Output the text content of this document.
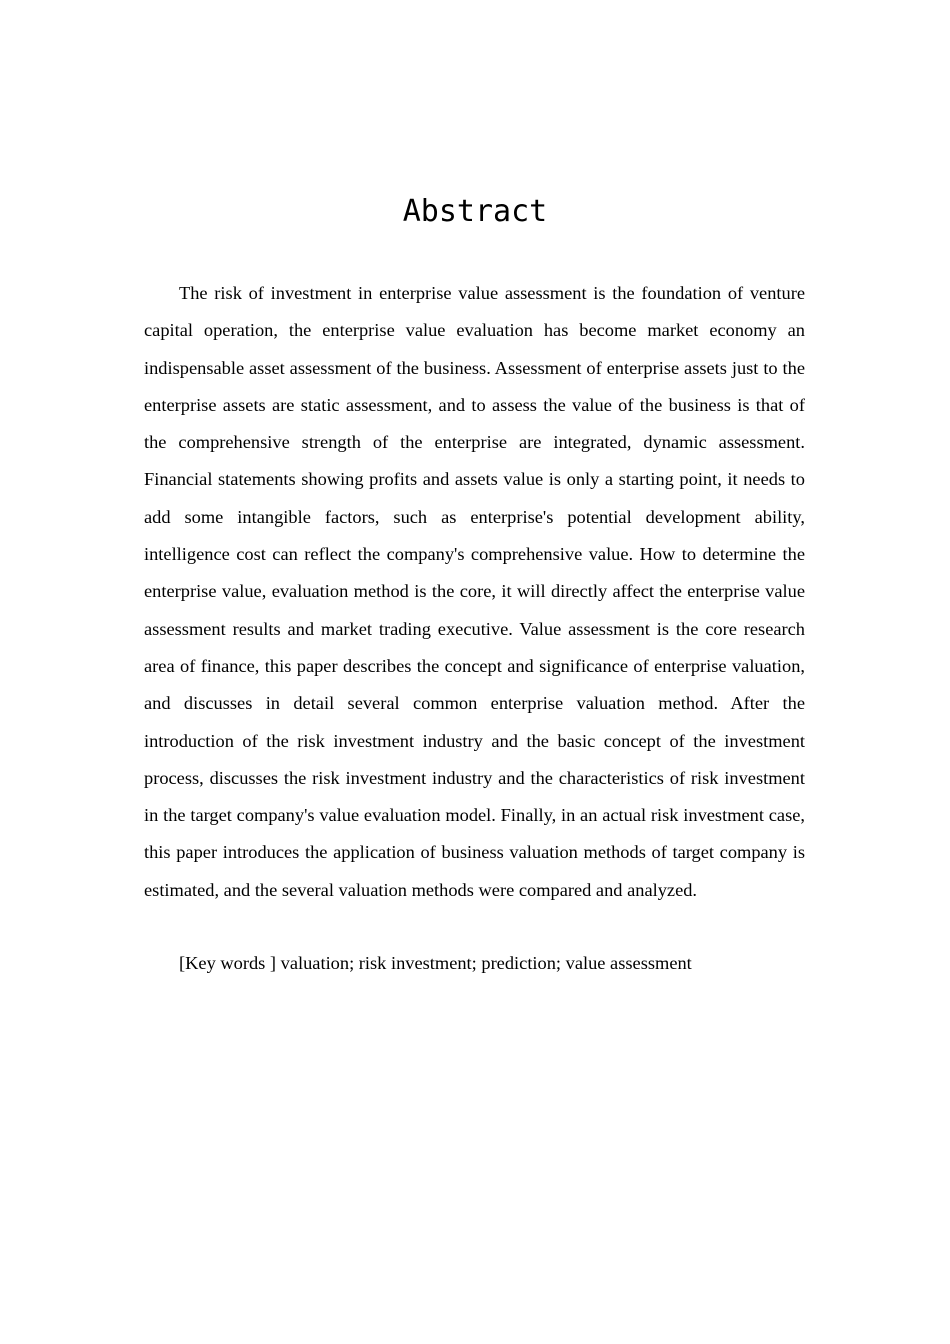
Abstract

The risk of investment in enterprise value assessment is the foundation of venture capital operation, the enterprise value evaluation has become market economy an indispensable asset assessment of the business. Assessment of enterprise assets just to the enterprise assets are static assessment, and to assess the value of the business is that of the comprehensive strength of the enterprise are integrated, dynamic assessment. Financial statements showing profits and assets value is only a starting point, it needs to add some intangible factors, such as enterprise's potential development ability, intelligence cost can reflect the company's comprehensive value. How to determine the enterprise value, evaluation method is the core, it will directly affect the enterprise value assessment results and market trading executive. Value assessment is the core research area of finance, this paper describes the concept and significance of enterprise valuation, and discusses in detail several common enterprise valuation method. After the introduction of the risk investment industry and the basic concept of the investment process, discusses the risk investment industry and the characteristics of risk investment in the target company's value evaluation model. Finally, in an actual risk investment case, this paper introduces the application of business valuation methods of target company is estimated, and the several valuation methods were compared and analyzed.

[Key words ] valuation; risk investment; prediction; value assessment
